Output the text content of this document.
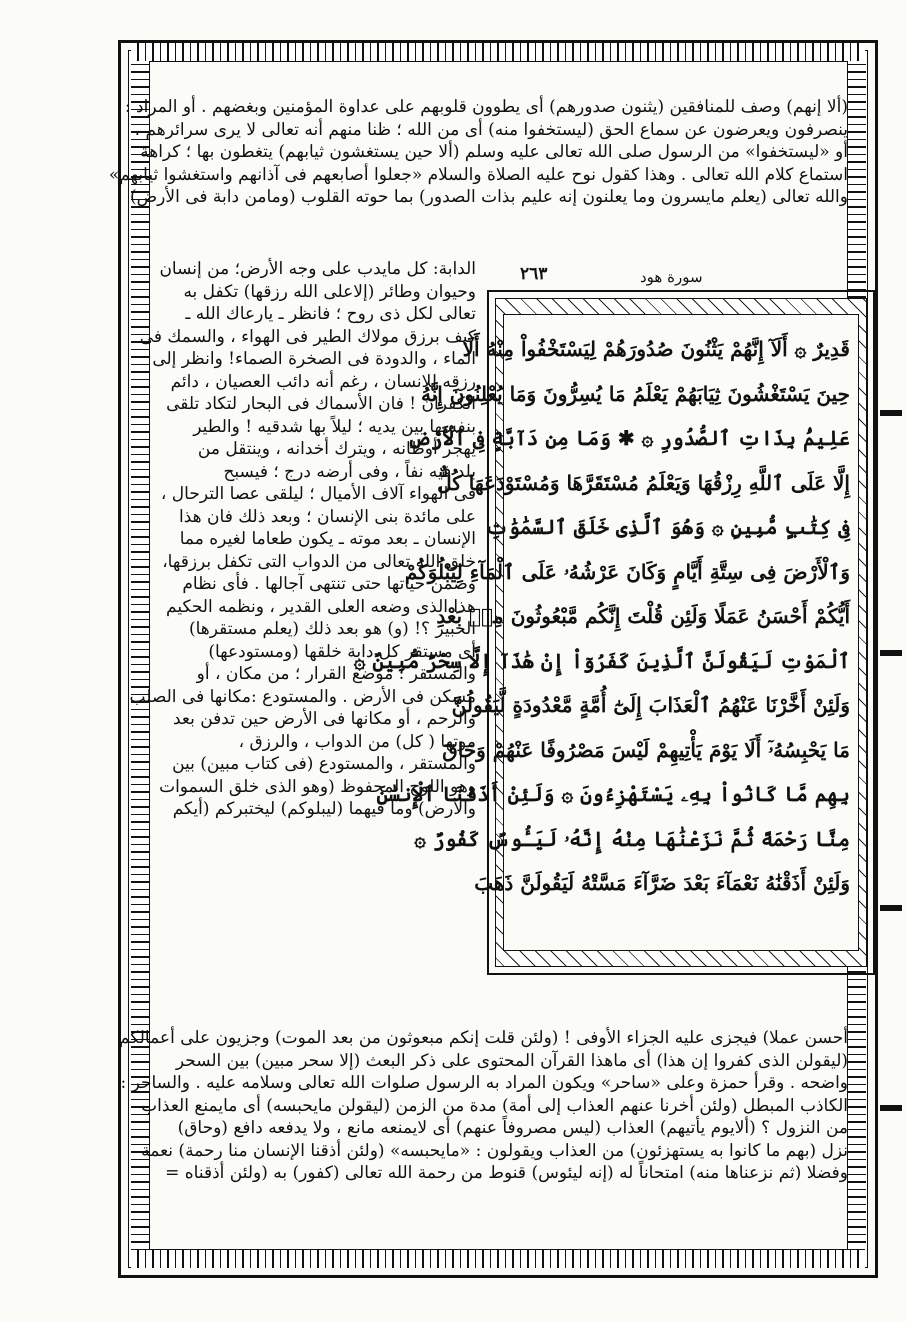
(ألا إنهم) وصف للمنافقين (يثنون صدورهم) أى يطوون قلوبهم على عداوة المؤمنين وبغضهم . أو المراد :
ينصرفون ويعرضون عن سماع الحق (ليستخفوا منه) أى من الله ؛ ظنا منهم أنه تعالى لا يرى سرائرهم ،
أو «ليستخفوا» من الرسول صلى الله تعالى عليه وسلم (ألا حين يستغشون ثيابهم) يتغطون بها ؛ كراهة
استماع كلام الله تعالى . وهذا كقول نوح عليه الصلاة والسلام «جعلوا أصابعهم فى آذانهم واستغشوا ثيابهم»
والله تعالى (يعلم مايسرون وما يعلنون إنه عليم بذات الصدور) بما حوته القلوب (ومامن دابة فى الأرض)
٢٦٣	سورة هود
قَدِيرٌ ۞ أَلَآ إِنَّهُمْ يَثْنُونَ صُدُورَهُمْ لِيَسْتَخْفُواْ مِنْهُ أَلَا
حِينَ يَسْتَغْشُونَ ثِيَابَهُمْ يَعْلَمُ مَا يُسِرُّونَ وَمَا يُعْلِنُونَ إِنَّهُ
عَلِيمُۢ بِذَاتِ ٱلصُّدُورِ ۞ ✱ وَمَا مِن دَآبَّةٍ فِى ٱلْأَرْضِ
إِلَّا عَلَى ٱللَّهِ رِزْقُهَا وَيَعْلَمُ مُسْتَقَرَّهَا وَمُسْتَوْدَعَهَا كُلٌّ
فِى كِتَٰبٍ مُّبِينٍ ۞ وَهُوَ ٱلَّذِى خَلَقَ ٱلسَّمَٰوَٰتِ
وَٱلْأَرْضَ فِى سِتَّةِ أَيَّامٍ وَكَانَ عَرْشُهُۥ عَلَى ٱلْمَآءِ لِيَبْلُوَكُمْ
أَيُّكُمْ أَحْسَنُ عَمَلًا وَلَئِن قُلْتَ إِنَّكُم مَّبْعُوثُونَ مِنۢ بَعْدِ
ٱلْمَوْتِ لَيَقُولَنَّ ٱلَّذِينَ كَفَرُوٓاْ إِنْ هَٰذَآ إِلَّا سِحْرٌ مُّبِينٌ ۞
وَلَئِنْ أَخَّرْنَا عَنْهُمُ ٱلْعَذَابَ إِلَىٰٓ أُمَّةٍ مَّعْدُودَةٍ لَّيَقُولُنَّ
مَا يَحْبِسُهُۥٓ أَلَا يَوْمَ يَأْتِيهِمْ لَيْسَ مَصْرُوفًا عَنْهُمْ وَحَاقَ
بِهِم مَّا كَانُواْ بِهِۦ يَسْتَهْزِءُونَ ۞ وَلَئِنْ أَذَقْنَا ٱلْإِنسَٰنَ
مِنَّا رَحْمَةً ثُمَّ نَزَعْنَٰهَا مِنْهُ إِنَّهُۥ لَيَـُٔوسٌ كَفُورٌ ۞
وَلَئِنْ أَذَقْنَٰهُ نَعْمَآءَ بَعْدَ ضَرَّآءَ مَسَّتْهُ لَيَقُولَنَّ ذَهَبَ
الدابة: كل مايدب على وجه الأرض؛ من إنسان
وحيوان وطائر (إلاعلى الله رزقها) تكفل به
تعالى لكل ذى روح ؛ فانظر ـ يارعاك الله ـ
كيف برزق مولاك الطير فى الهواء ، والسمك فى
الماء ، والدودة فى الصخرة الصماء! وانظر إلى
رزقه للانسان ، رغم أنه دائب العصيان ، دائم
الكفران ! فان الأسماك فى البحار لتكاد تلقى
بنفسها بين يديه ؛ ليلاً بها شدقيه ! والطير
يهجر أوطانه ، ويترك أخدانه ، وينتقل من
بلد فيه نفاً ، وفى أرضه درج ؛ فيسبح
فى الهواء آلاف الأميال ؛ ليلقى عصا الترحال ،
على مائدة بنى الإنسان ؛ وبعد ذلك فان هذا
الإنسان ـ بعد موته ـ يكون طعاما لغيره مما
خلق الله تعالى من الدواب التى تكفل برزقها،
وضمن حياتها حتى تنتهى آجالها . فأى نظام
هذا الذى وضعه العلى القدير ، ونظمه الحكيم
الخبير ؟! (و) هو بعد ذلك (يعلم مستقرها)
أى مستقر كل دابة خلقها (ومستودعها)
والمستقر : موضع القرار ؛ من مكان ، أو
مسكن فى الأرض . والمستودع :مكانها فى الصلب
والرحم ، أو مكانها فى الأرض حين تدفن بعد
موتها ( كل) من الدواب ، والرزق ،
والمستقر ، والمستودع (فى كتاب مبين) بين
وهو اللوح المحفوظ (وهو الذى خلق السموات
والأرض) وما فيهما (ليبلوكم) ليختبركم (أيكم
أحسن عملا) فيجزى عليه الجزاء الأوفى ! (ولئن قلت إنكم مبعوثون من بعد الموت) وجزيون على أعمالكم
(ليقولن الذى كفروا إن هذا) أى ماهذا القرآن المحتوى على ذكر البعث (إلا سحر مبين) بين السحر
واضحه . وقرأ حمزة وعلى «ساحر» ويكون المراد به الرسول صلوات الله تعالى وسلامه عليه . والساحر :
الكاذب المبطل (ولئن أخرنا عنهم العذاب إلى أمة) مدة من الزمن (ليقولن مايحبسه) أى مايمنع العذاب
من النزول ؟ (ألايوم يأتيهم) العذاب (ليس مصروفاً عنهم) أى لايمنعه مانع ، ولا يدفعه دافع (وحاق)
نزل (بهم ما كانوا به يستهزئون) من العذاب ويقولون : «مايحبسه» (ولئن أذقنا الإنسان منا رحمة) نعمة
وفضلا (ثم نزعناها منه) امتحاناً له (إنه ليئوس) قنوط من رحمة الله تعالى (كفور) به (ولئن أذقناه =
